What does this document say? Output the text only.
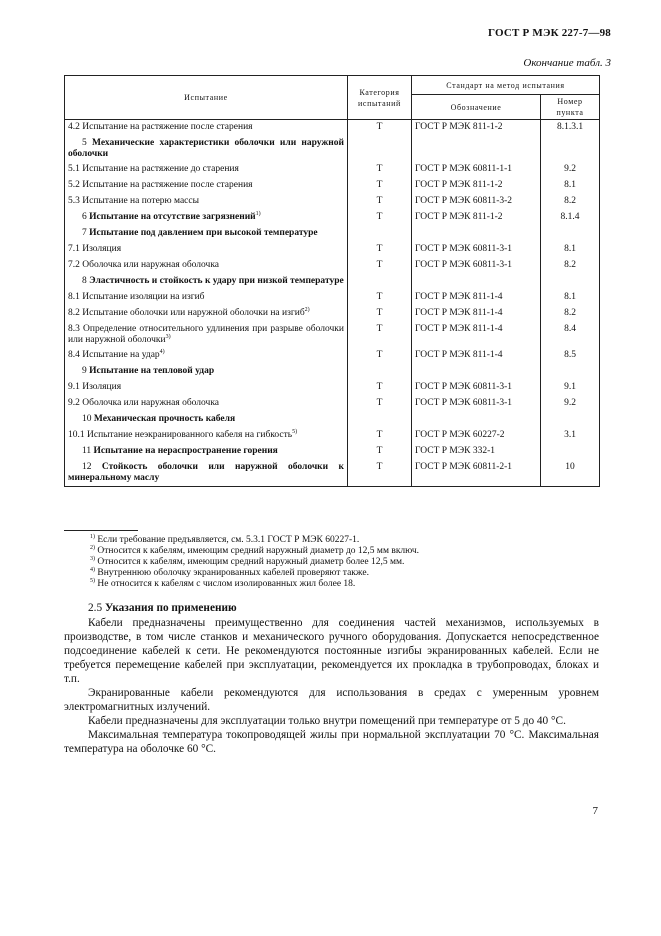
ГОСТ Р МЭК 227-7—98
Окончание табл. 3
Испытание	Категория испытаний	Стандарт на метод испытания	
		Обозначение	Номер пункта
4.2 Испытание на растяжение после старения	Т	ГОСТ Р МЭК 811-1-2	8.1.3.1
5 Механические характеристики оболочки или наружной оболочки			
5.1 Испытание на растяжение до старения	Т	ГОСТ Р МЭК 60811-1-1	9.2
5.2 Испытание на растяжение после старения	Т	ГОСТ Р МЭК 811-1-2	8.1
5.3 Испытание на потерю массы	Т	ГОСТ Р МЭК 60811-3-2	8.2
6 Испытание на отсутствие загрязнений$^{1)}$	Т	ГОСТ Р МЭК 811-1-2	8.1.4
7 Испытание под давлением при высокой температуре			
7.1 Изоляция	Т	ГОСТ Р МЭК 60811-3-1	8.1
7.2 Оболочка или наружная оболочка	Т	ГОСТ Р МЭК 60811-3-1	8.2
8 Эластичность и стойкость к удару при низкой температуре			
8.1 Испытание изоляции на изгиб	Т	ГОСТ Р МЭК 811-1-4	8.1
8.2 Испытание оболочки или наружной оболочки на изгиб$^{2)}$	Т	ГОСТ Р МЭК 811-1-4	8.2
8.3 Определение относительного удлинения при разрыве оболочки или наружной оболочки$^{3)}$	Т	ГОСТ Р МЭК 811-1-4	8.4
8.4 Испытание на удар$^{4)}$	Т	ГОСТ Р МЭК 811-1-4	8.5
9 Испытание на тепловой удар			
9.1 Изоляция	Т	ГОСТ Р МЭК 60811-3-1	9.1
9.2 Оболочка или наружная оболочка	Т	ГОСТ Р МЭК 60811-3-1	9.2
10 Механическая прочность кабеля			
10.1 Испытание неэкранированного кабеля на гибкость$^{5)}$	Т	ГОСТ Р МЭК 60227-2	3.1
11 Испытание на нераспространение горения	Т	ГОСТ Р МЭК 332-1	
12 Стойкость оболочки или наружной оболочки к минеральному маслу	Т	ГОСТ Р МЭК 60811-2-1	10
$^{1)}$ Если требование предъявляется, см. 5.3.1 ГОСТ Р МЭК 60227-1.
$^{2)}$ Относится к кабелям, имеющим средний наружный диаметр до 12,5 мм включ.
$^{3)}$ Относится к кабелям, имеющим средний наружный диаметр более 12,5 мм.
$^{4)}$ Внутреннюю оболочку экранированных кабелей проверяют также.
$^{5)}$ Не относится к кабелям с числом изолированных жил более 18.

2.5 Указания по применению

Кабели предназначены преимущественно для соединения частей механизмов, используемых в производстве, в том числе станков и механического ручного оборудования. Допускается непосредственное подсоединение кабелей к сети. Не рекомендуются постоянные изгибы экранированных кабелей. Если не требуется перемещение кабелей при эксплуатации, рекомендуется их прокладка в трубопроводах, блоках и т.п.

Экранированные кабели рекомендуются для использования в средах с умеренным уровнем электромагнитных излучений.

Кабели предназначены для эксплуатации только внутри помещений при температуре от 5 до 40 °С.

Максимальная температура токопроводящей жилы при нормальной эксплуатации 70 °С. Максимальная температура на оболочке 60 °С.

7
